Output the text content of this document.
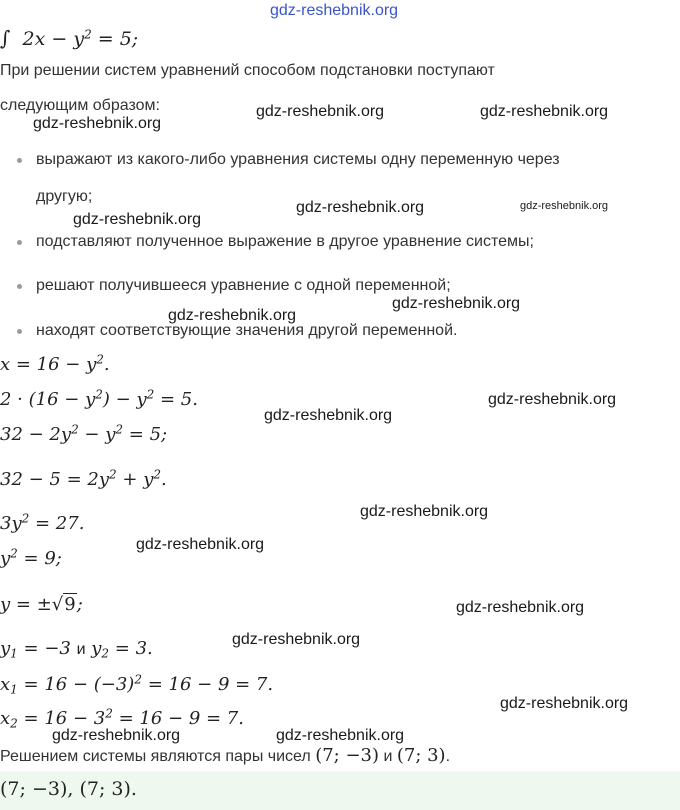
gdz-reshebnik.org
∫ $2x - y^2 = 5$;
При решении систем уравнений способом подстановки поступают
следующим образом:
выражают из какого-либо уравнения системы одну переменную через
другую;
подставляют полученное выражение в другое уравнение системы;
решают получившееся уравнение с одной переменной;
находят соответствующие значения другой переменной.
$x = 16 - y^2$.
$2 \cdot (16 - y^2) - y^2 = 5$.
$32 - 2y^2 - y^2 = 5$;
$32 - 5 = 2y^2 + y^2$.
$3y^2 = 27$.
$y^2 = 9$;
y = ±√9;
$y_1 = -3$ и $y_2 = 3$.
$x_1 = 16 - (-3)^2 = 16 - 9 = 7$.
$x_2 = 16 - 3^2 = 16 - 9 = 7$.
Решением системы являются пары чисел (7; −3) и (7; 3).
(7; −3), (7; 3).
gdz-reshebnik.org
gdz-reshebnik.org	gdz-reshebnik.org
gdz-reshebnik.org
gdz-reshebnik.org	gdz-reshebnik.org
gdz-reshebnik.org
gdz-reshebnik.org
gdz-reshebnik.org
gdz-reshebnik.org
gdz-reshebnik.org
gdz-reshebnik.org
gdz-reshebnik.org
gdz-reshebnik.org
gdz-reshebnik.org
gdz-reshebnik.org	gdz-reshebnik.org
